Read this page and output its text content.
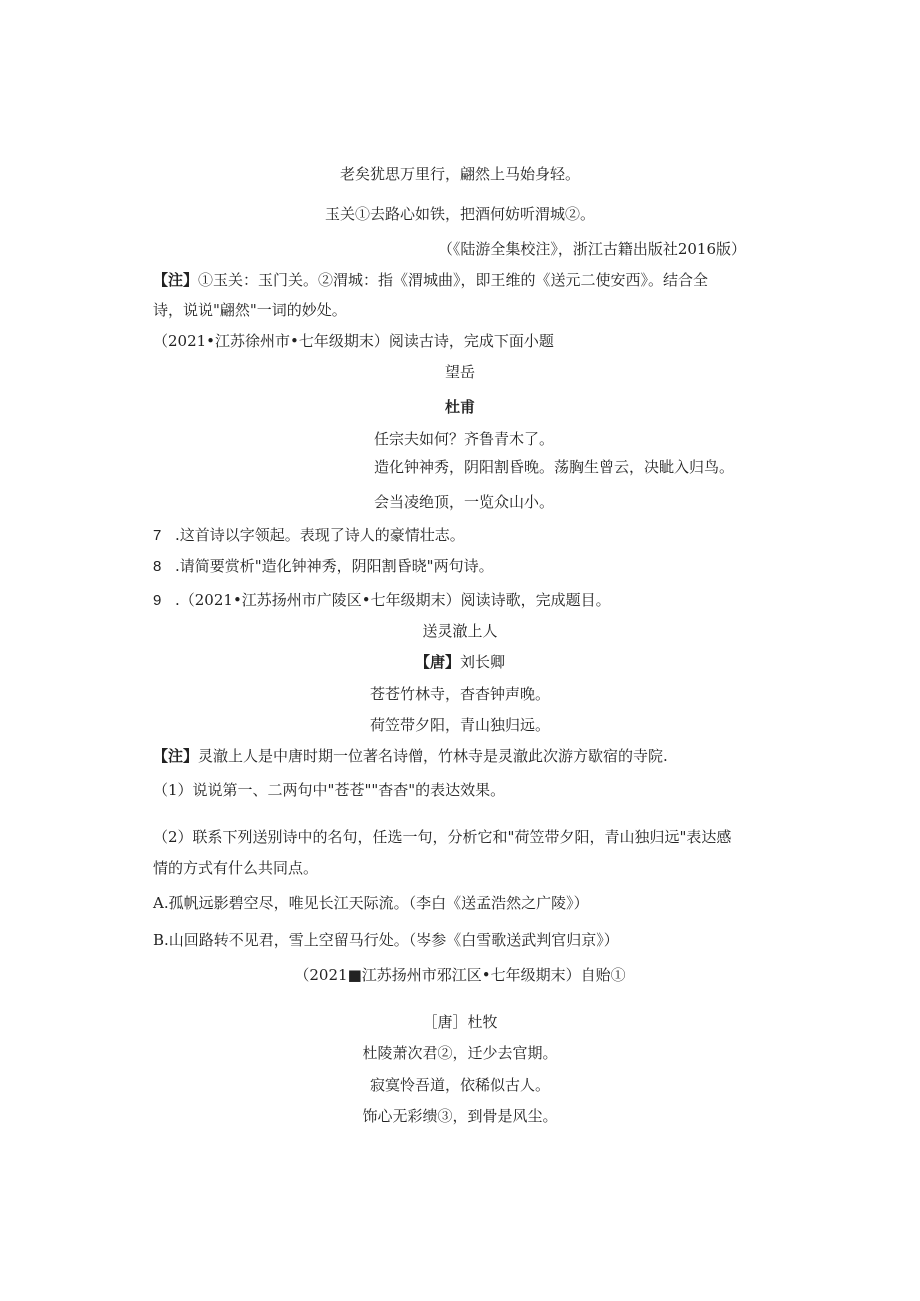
老矣犹思万里行，翩然上马始身轻。
玉关①去路心如铁，把酒何妨听渭城②。
（《陆游全集校注》，浙江古籍出版社2016版）
【注】①玉关：玉门关。②渭城：指《渭城曲》，即王维的《送元二使安西》。结合全
诗，说说"翩然"一词的妙处。
（2021•江苏徐州市•七年级期末）阅读古诗，完成下面小题
望岳
杜甫
任宗夫如何？齐鲁青木了。
造化钟神秀，阴阳割昏晚。荡胸生曾云，决眦入归鸟。
会当凌绝顶，一览众山小。
7 .这首诗以字领起。表现了诗人的豪情壮志。
8 .请简要赏析"造化钟神秀，阴阳割昏晓"两句诗。
9 .（2021•江苏扬州市广陵区•七年级期末）阅读诗歌，完成题目。
送灵澈上人
【唐】刘长卿
苍苍竹林寺，杳杳钟声晚。
荷笠带夕阳，青山独归远。
【注】灵澈上人是中唐时期一位著名诗僧，竹林寺是灵澈此次游方歇宿的寺院.
（1）说说第一、二两句中"苍苍""杳杳"的表达效果。
（2）联系下列送别诗中的名句，任选一句，分析它和"荷笠带夕阳，青山独归远"表达感
情的方式有什么共同点。
A.孤帆远影碧空尽，唯见长江天际流。（李白《送孟浩然之广陵》）
B.山回路转不见君，雪上空留马行处。（岑参《白雪歌送武判官归京》）
（2021■江苏扬州市邪江区•七年级期末）自贻①
［唐］杜牧
杜陵萧次君②，迁少去官期。
寂寞怜吾道，依稀似古人。
饰心无彩缋③，到骨是风尘。
